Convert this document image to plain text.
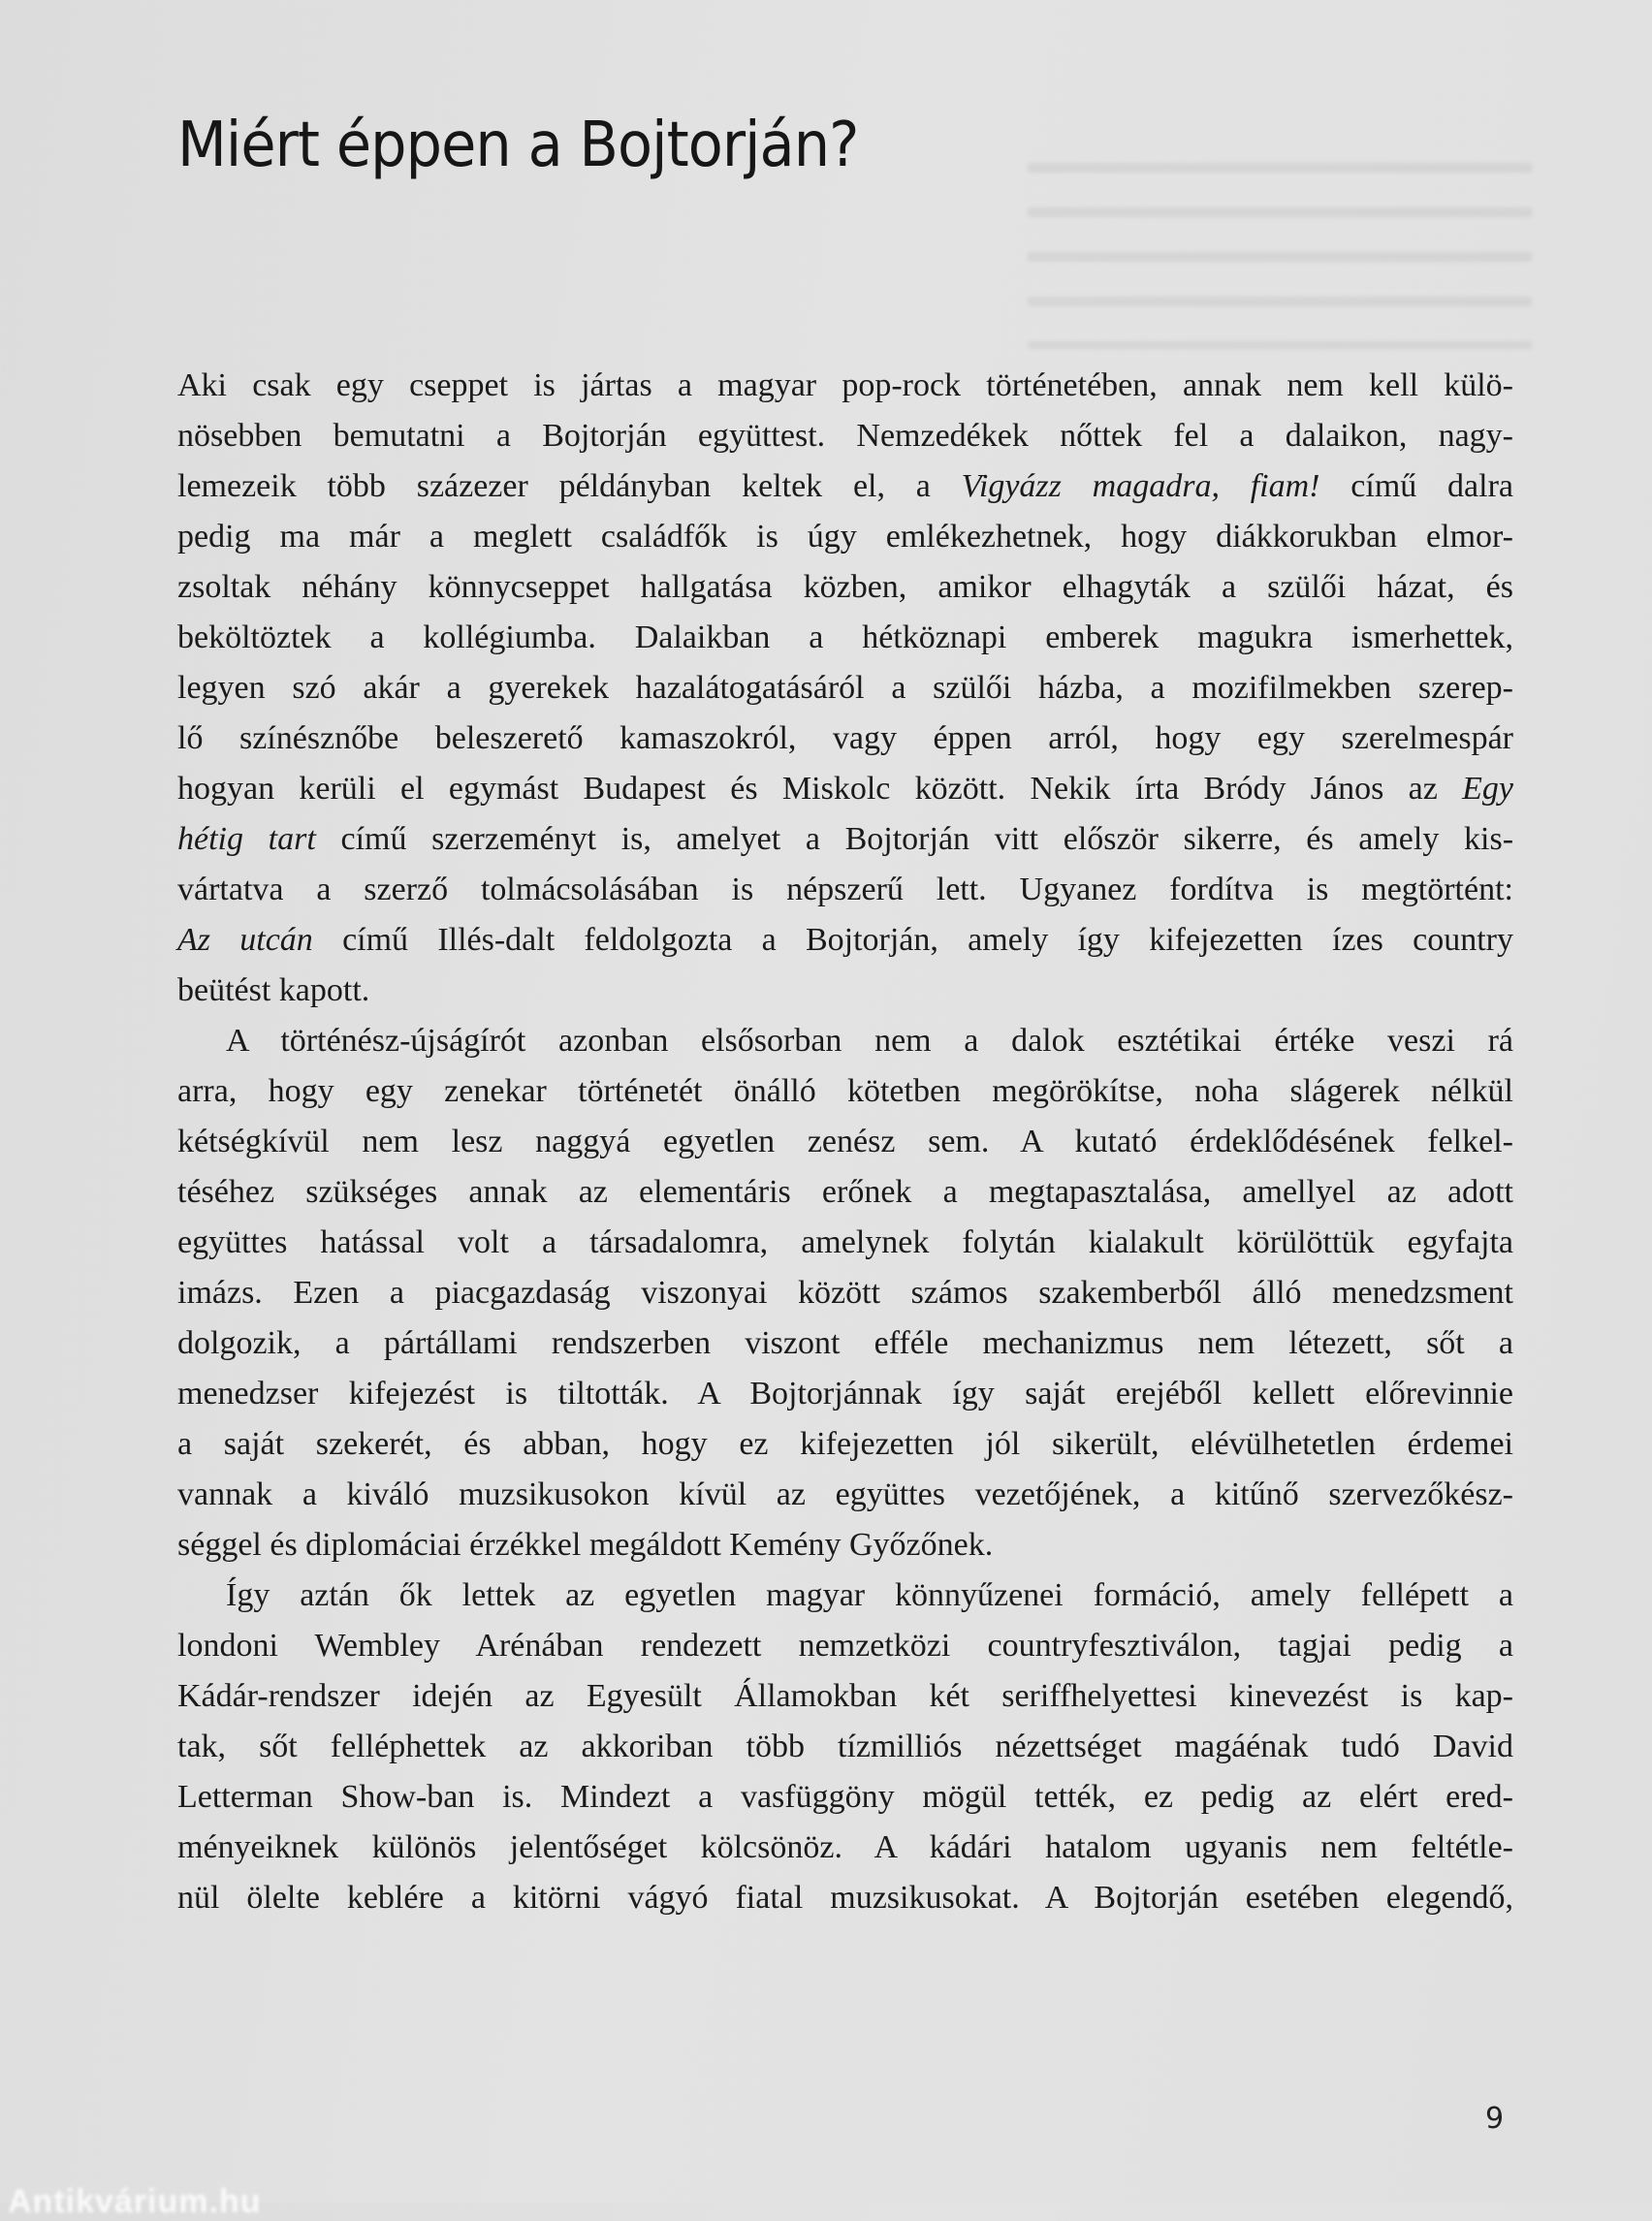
Miért éppen a Bojtorján?
Aki csak egy cseppet is jártas a magyar pop-rock történetében, annak nem kell külö-
nösebben bemutatni a Bojtorján együttest. Nemzedékek nőttek fel a dalaikon, nagy-
lemezeik több százezer példányban keltek el, a Vigyázz magadra, fiam! című dalra
pedig ma már a meglett családfők is úgy emlékezhetnek, hogy diákkorukban elmor-
zsoltak néhány könnycseppet hallgatása közben, amikor elhagyták a szülői házat, és
beköltöztek a kollégiumba. Dalaikban a hétköznapi emberek magukra ismerhettek,
legyen szó akár a gyerekek hazalátogatásáról a szülői házba, a mozifilmekben szerep-
lő színésznőbe beleszerető kamaszokról, vagy éppen arról, hogy egy szerelmespár
hogyan kerüli el egymást Budapest és Miskolc között. Nekik írta Bródy János az Egy
hétig tart című szerzeményt is, amelyet a Bojtorján vitt először sikerre, és amely kis-
vártatva a szerző tolmácsolásában is népszerű lett. Ugyanez fordítva is megtörtént:
Az utcán című Illés-dalt feldolgozta a Bojtorján, amely így kifejezetten ízes country
beütést kapott.
A történész-újságírót azonban elsősorban nem a dalok esztétikai értéke veszi rá
arra, hogy egy zenekar történetét önálló kötetben megörökítse, noha slágerek nélkül
kétségkívül nem lesz naggyá egyetlen zenész sem. A kutató érdeklődésének felkel-
téséhez szükséges annak az elementáris erőnek a megtapasztalása, amellyel az adott
együttes hatással volt a társadalomra, amelynek folytán kialakult körülöttük egyfajta
imázs. Ezen a piacgazdaság viszonyai között számos szakemberből álló menedzsment
dolgozik, a pártállami rendszerben viszont efféle mechanizmus nem létezett, sőt a
menedzser kifejezést is tiltották. A Bojtorjánnak így saját erejéből kellett előrevinnie
a saját szekerét, és abban, hogy ez kifejezetten jól sikerült, elévülhetetlen érdemei
vannak a kiváló muzsikusokon kívül az együttes vezetőjének, a kitűnő szervezőkész-
séggel és diplomáciai érzékkel megáldott Kemény Győzőnek.
Így aztán ők lettek az egyetlen magyar könnyűzenei formáció, amely fellépett a
londoni Wembley Arénában rendezett nemzetközi countryfesztiválon, tagjai pedig a
Kádár-rendszer idején az Egyesült Államokban két seriffhelyettesi kinevezést is kap-
tak, sőt felléphettek az akkoriban több tízmilliós nézettséget magáénak tudó David
Letterman Show-ban is. Mindezt a vasfüggöny mögül tették, ez pedig az elért ered-
ményeiknek különös jelentőséget kölcsönöz. A kádári hatalom ugyanis nem feltétle-
nül ölelte keblére a kitörni vágyó fiatal muzsikusokat. A Bojtorján esetében elegendő,
9
Antikvárium.hu
